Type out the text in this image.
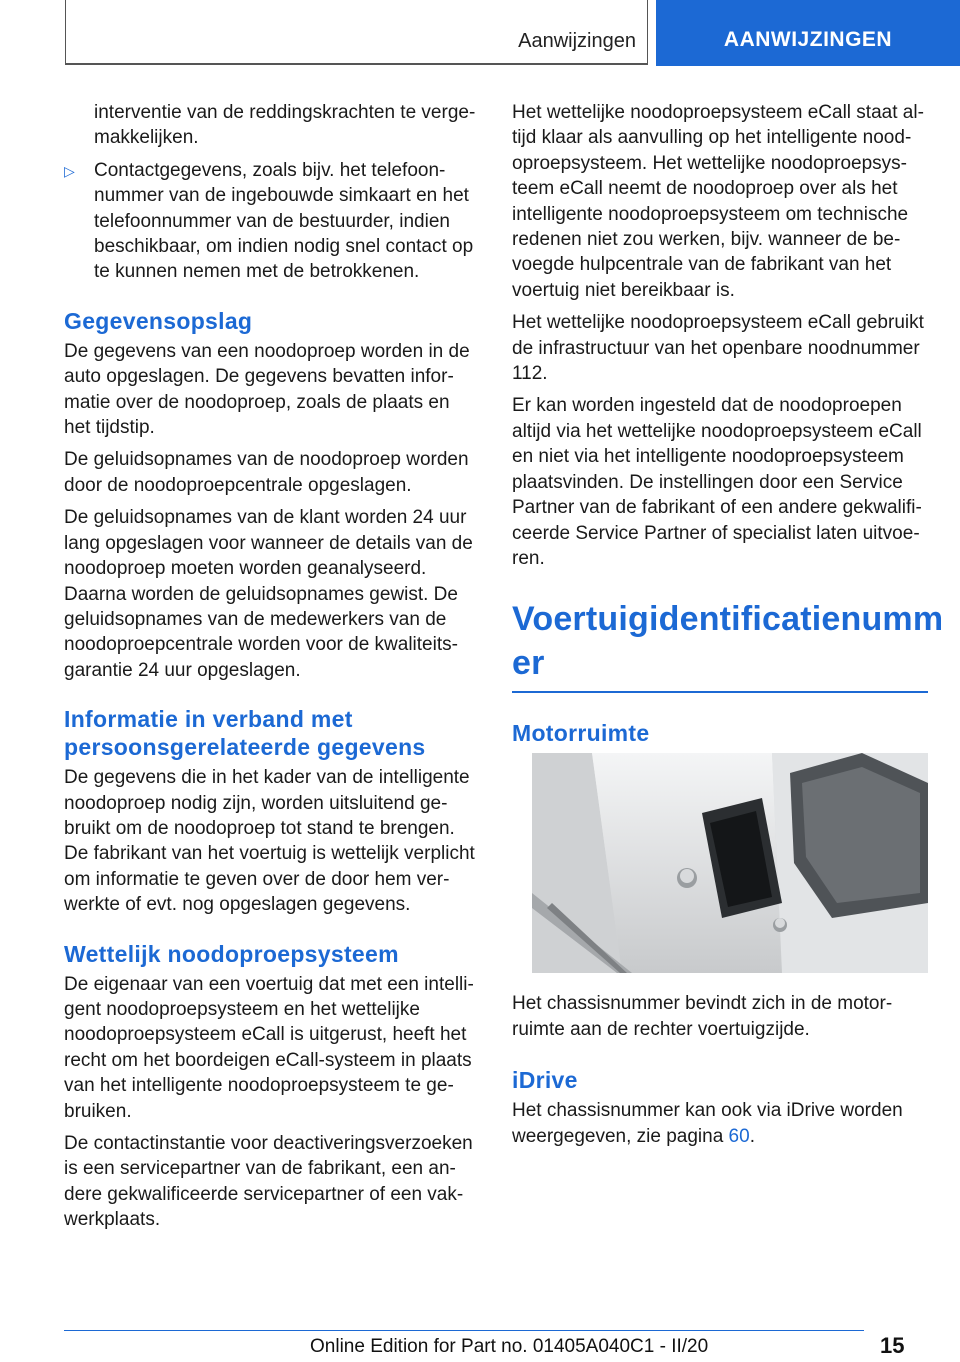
Aanwijzingen	AANWIJZINGEN
interventie van de reddingskrachten te vergemakkelijken.
▷	Contactgegevens, zoals bijv. het telefoonnummer van de ingebouwde simkaart en het telefoonnummer van de bestuurder, indien beschikbaar, om indien nodig snel contact op te kunnen nemen met de betrokkenen.
Gegevensopslag

De gegevens van een noodoproep worden in de auto opgeslagen. De gegevens bevatten informatie over de noodoproep, zoals de plaats en het tijdstip.

De geluidsopnames van de noodoproep worden door de noodoproepcentrale opgeslagen.

De geluidsopnames van de klant worden 24 uur lang opgeslagen voor wanneer de details van de noodoproep moeten worden geanalyseerd. Daarna worden de geluidsopnames gewist. De geluidsopnames van de medewerkers van de noodoproepcentrale worden voor de kwaliteitsgarantie 24 uur opgeslagen.

Informatie in verband met persoonsgerelateerde gegevens

De gegevens die in het kader van de intelligente noodoproep nodig zijn, worden uitsluitend gebruikt om de noodoproep tot stand te brengen. De fabrikant van het voertuig is wettelijk verplicht om informatie te geven over de door hem verwerkte of evt. nog opgeslagen gegevens.

Wettelijk noodoproepsysteem

De eigenaar van een voertuig dat met een intelligent noodoproepsysteem en het wettelijke noodoproepsysteem eCall is uitgerust, heeft het recht om het boordeigen eCall-systeem in plaats van het intelligente noodoproepsysteem te gebruiken.

De contactinstantie voor deactiveringsverzoeken is een servicepartner van de fabrikant, een andere gekwalificeerde servicepartner of een vakwerkplaats.

Het wettelijke noodoproepsysteem eCall staat altijd klaar als aanvulling op het intelligente noodoproepsysteem. Het wettelijke noodoproepsysteem eCall neemt de noodoproep over als het intelligente noodoproepsysteem om technische redenen niet zou werken, bijv. wanneer de bevoegde hulpcentrale van de fabrikant van het voertuig niet bereikbaar is.

Het wettelijke noodoproepsysteem eCall gebruikt de infrastructuur van het openbare noodnummer 112.

Er kan worden ingesteld dat de noodoproepen altijd via het wettelijke noodoproepsysteem eCall en niet via het intelligente noodoproepsysteem plaatsvinden. De instellingen door een Service Partner van de fabrikant of een andere gekwalificeerde Service Partner of specialist laten uitvoeren.

Voertuigidentificatienumm
er
Motorruimte

Het chassisnummer bevindt zich in de motorruimte aan de rechter voertuigzijde.

iDrive

Het chassisnummer kan ook via iDrive worden weergegeven, zie pagina 60.

15
Online Edition for Part no. 01405A040C1 - II/20
